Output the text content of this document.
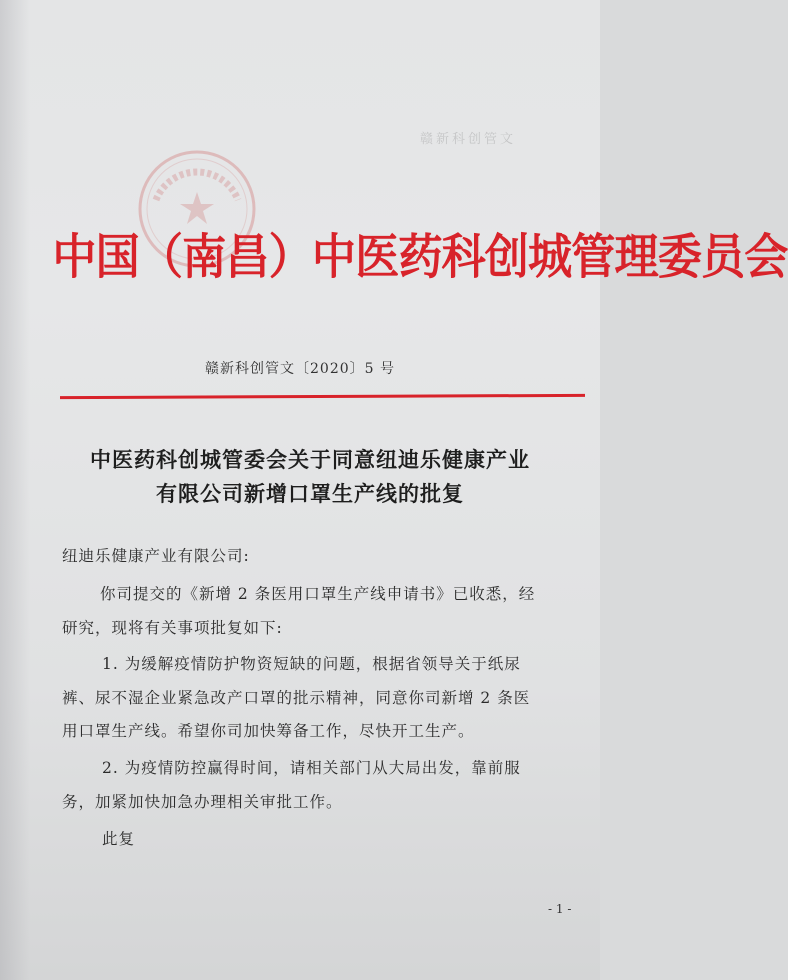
赣新科创管文
中国（南昌）中医药科创城管理委员会
赣新科创管文〔2020〕5 号
中医药科创城管委会关于同意纽迪乐健康产业
有限公司新增口罩生产线的批复
纽迪乐健康产业有限公司:
你司提交的《新增 2 条医用口罩生产线申请书》已收悉，经
研究，现将有关事项批复如下:
1. 为缓解疫情防护物资短缺的问题，根据省领导关于纸尿
裤、尿不湿企业紧急改产口罩的批示精神，同意你司新增 2 条医
用口罩生产线。希望你司加快筹备工作，尽快开工生产。
2. 为疫情防控赢得时间，请相关部门从大局出发，靠前服
务，加紧加快加急办理相关审批工作。
此复
- 1 -
